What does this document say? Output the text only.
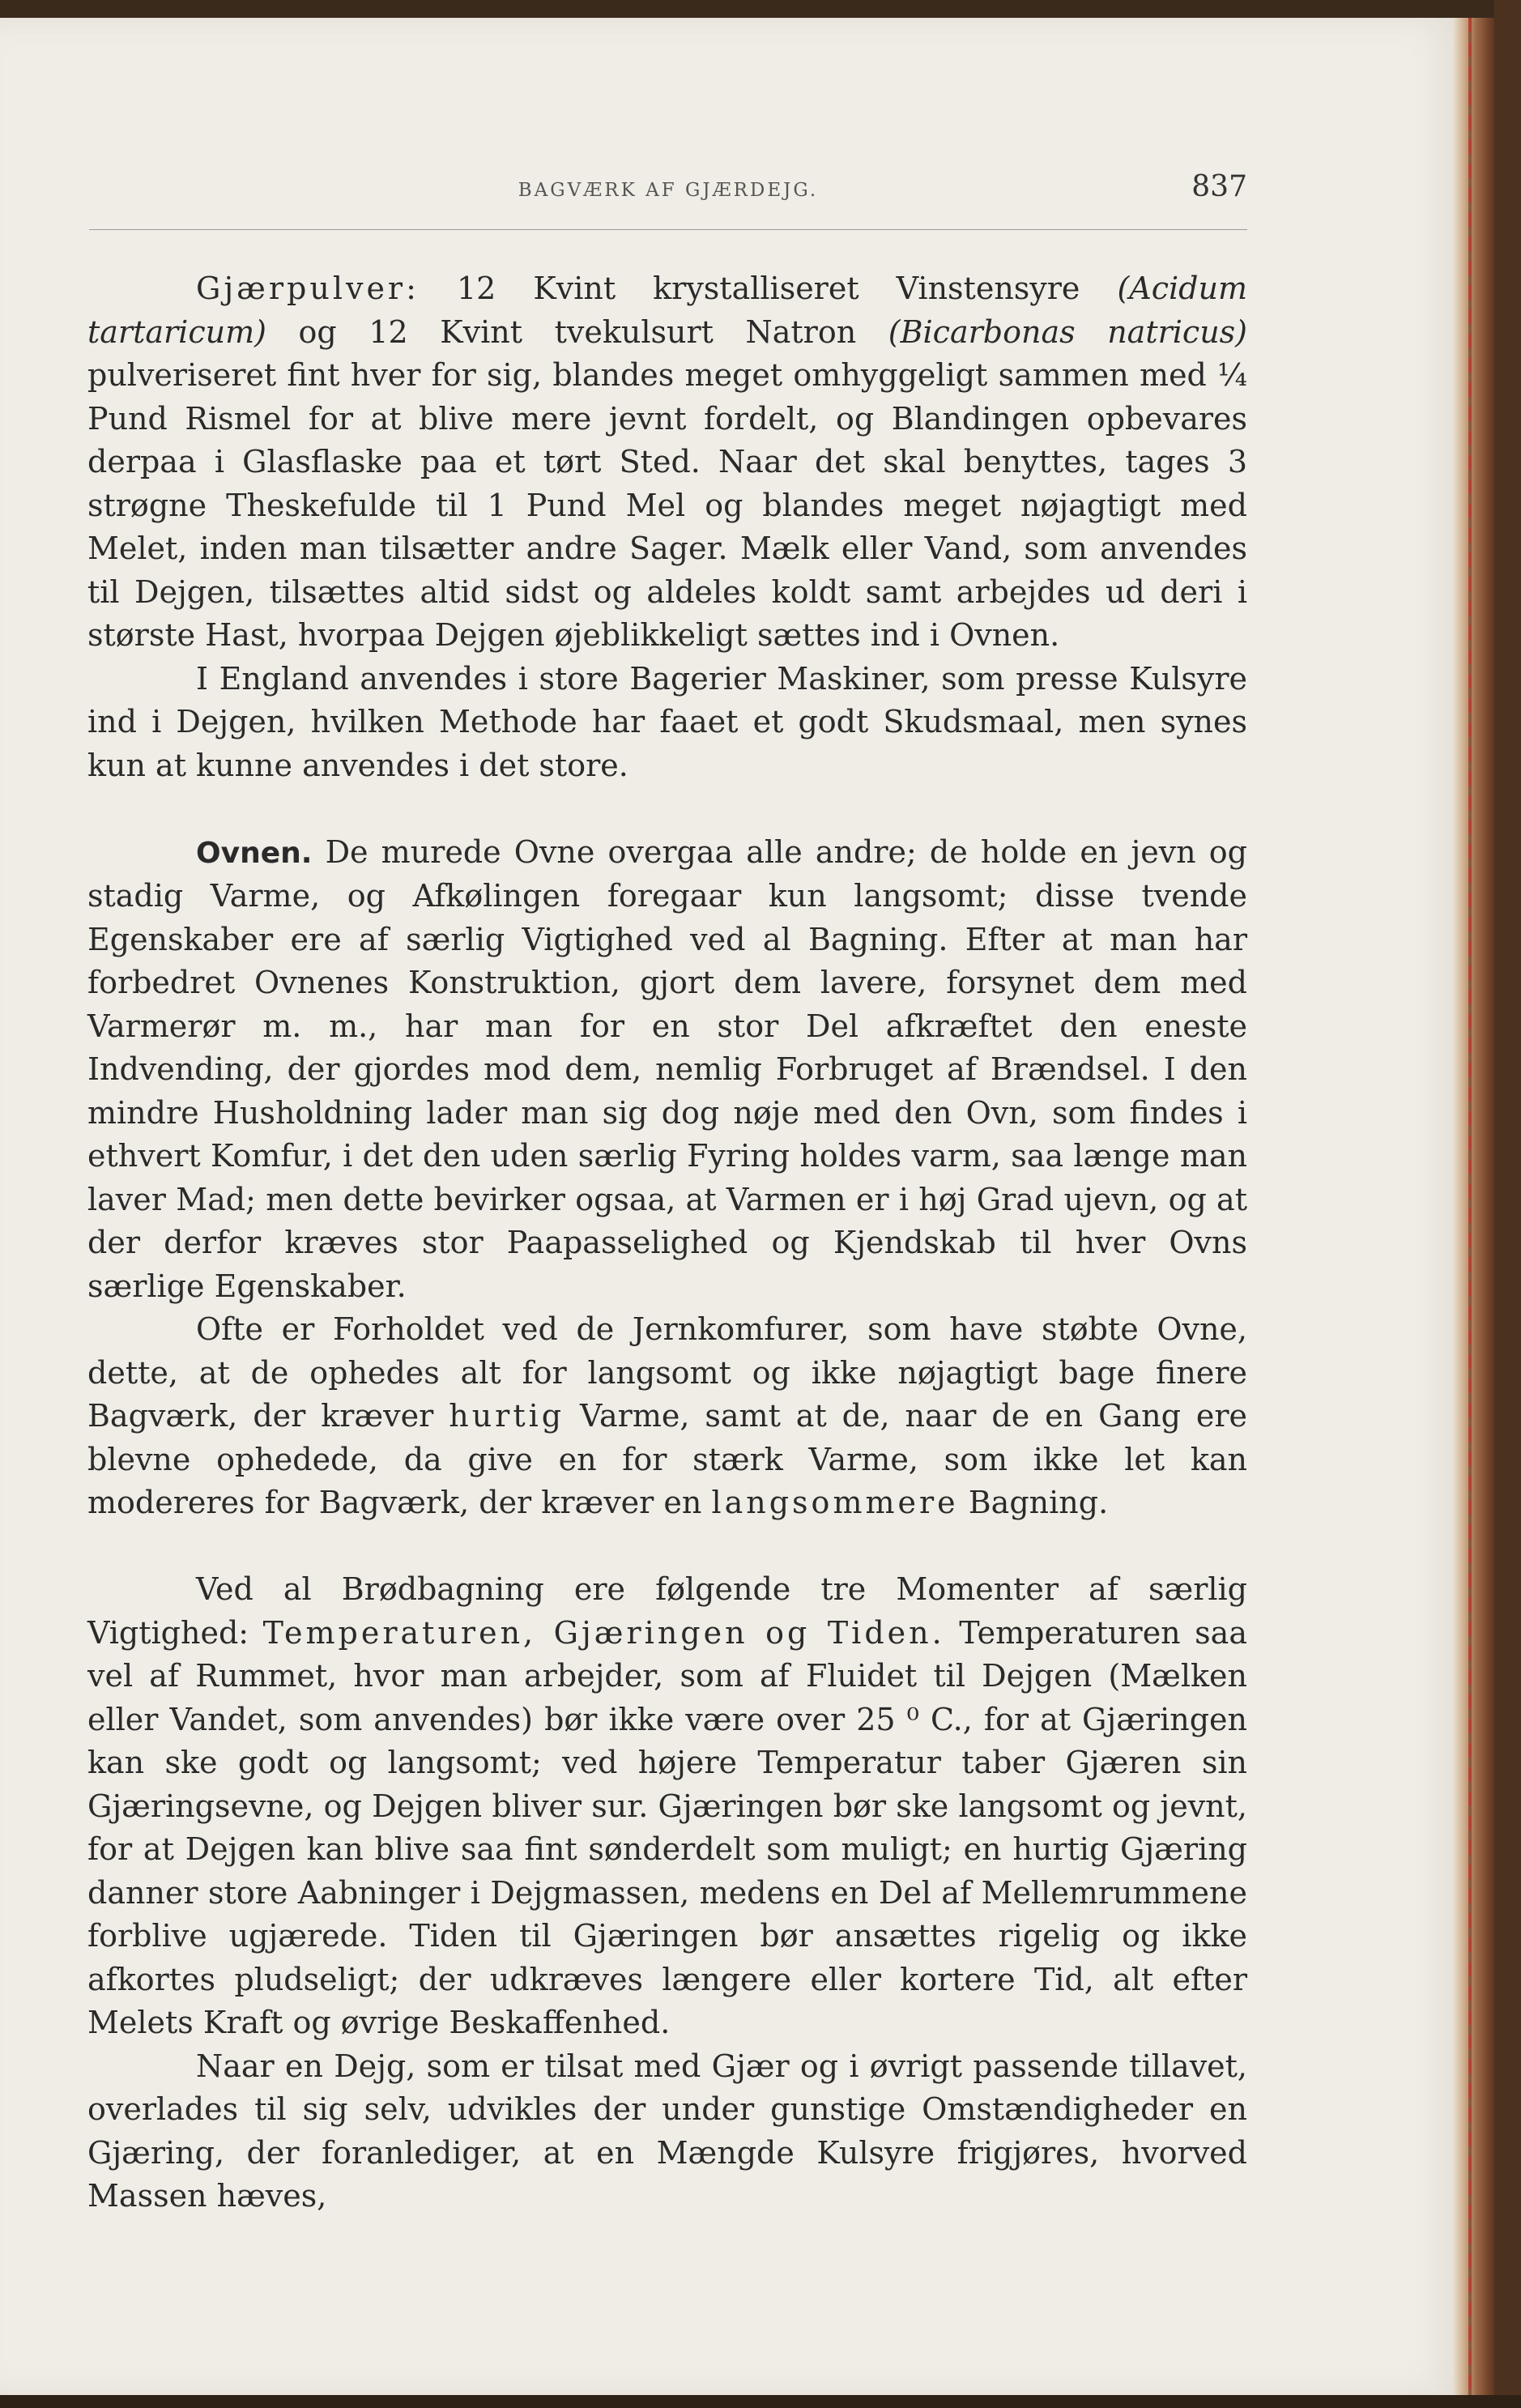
BAGVÆRK AF GJÆRDEJG.	837

Gjærpulver: 12 Kvint krystalliseret Vinstensyre (Acidum tartaricum) og 12 Kvint tvekulsurt Natron (Bicarbonas natricus) pulveriseret fint hver for sig, blandes meget omhyggeligt sammen med ¼ Pund Rismel for at blive mere jevnt fordelt, og Blandingen opbevares derpaa i Glasflaske paa et tørt Sted. Naar det skal benyttes, tages 3 strøgne Theskefulde til 1 Pund Mel og blandes meget nøjagtigt med Melet, inden man tilsætter andre Sager. Mælk eller Vand, som anvendes til Dejgen, tilsættes altid sidst og aldeles koldt samt arbejdes ud deri i største Hast, hvorpaa Dejgen øjeblikkeligt sættes ind i Ovnen.

I England anvendes i store Bagerier Maskiner, som presse Kulsyre ind i Dejgen, hvilken Methode har faaet et godt Skudsmaal, men synes kun at kunne anvendes i det store.

Ovnen. De murede Ovne overgaa alle andre; de holde en jevn og stadig Varme, og Afkølingen foregaar kun langsomt; disse tvende Egenskaber ere af særlig Vigtighed ved al Bagning. Efter at man har forbedret Ovnenes Konstruktion, gjort dem lavere, forsynet dem med Varmerør m. m., har man for en stor Del afkræftet den eneste Indvending, der gjordes mod dem, nemlig Forbruget af Brændsel. I den mindre Husholdning lader man sig dog nøje med den Ovn, som findes i ethvert Komfur, i det den uden særlig Fyring holdes varm, saa længe man laver Mad; men dette bevirker ogsaa, at Varmen er i høj Grad ujevn, og at der derfor kræves stor Paapasselighed og Kjendskab til hver Ovns særlige Egenskaber.

Ofte er Forholdet ved de Jernkomfurer, som have støbte Ovne, dette, at de ophedes alt for langsomt og ikke nøjagtigt bage finere Bagværk, der kræver hurtig Varme, samt at de, naar de en Gang ere blevne ophedede, da give en for stærk Varme, som ikke let kan modereres for Bagværk, der kræver en langsommere Bagning.

Ved al Brødbagning ere følgende tre Momenter af særlig Vigtighed: Temperaturen, Gjæringen og Tiden. Temperaturen saa vel af Rummet, hvor man arbejder, som af Fluidet til Dejgen (Mælken eller Vandet, som anvendes) bør ikke være over 25 ⁰ C., for at Gjæringen kan ske godt og langsomt; ved højere Temperatur taber Gjæren sin Gjæringsevne, og Dejgen bliver sur. Gjæringen bør ske langsomt og jevnt, for at Dejgen kan blive saa fint sønderdelt som muligt; en hurtig Gjæring danner store Aabninger i Dejgmassen, medens en Del af Mellemrummene forblive ugjærede. Tiden til Gjæringen bør ansættes rigelig og ikke afkortes pludseligt; der udkræves længere eller kortere Tid, alt efter Melets Kraft og øvrige Beskaffenhed.

Naar en Dejg, som er tilsat med Gjær og i øvrigt passende tillavet, overlades til sig selv, udvikles der under gunstige Omstændigheder en Gjæring, der foranlediger, at en Mængde Kulsyre frigjøres, hvorved Massen hæves,
